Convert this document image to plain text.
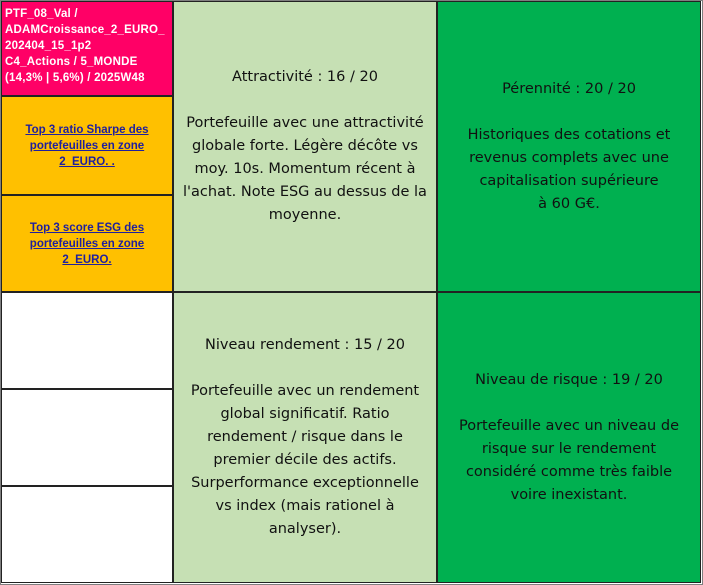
PTF_08_Val /
ADAMCroissance_2_EURO_
202404_15_1p2
C4_Actions / 5_MONDE
(14,3% | 5,6%) / 2025W48
Top 3 ratio Sharpe des portefeuilles en zone 2_EURO. .
Top 3 score ESG des portefeuilles en zone 2_EURO.
Attractivité : 16 / 20
Portefeuille avec une attractivité
globale forte. Légère décôte vs
moy. 10s. Momentum récent à
l'achat. Note ESG au dessus de la
moyenne.
Niveau rendement : 15 / 20
Portefeuille avec un rendement
global significatif. Ratio
rendement / risque dans le
premier décile des actifs.
Surperformance exceptionnelle
vs index (mais rationel à
analyser).
Pérennité : 20 / 20
Historiques des cotations et
revenus complets avec une
capitalisation supérieure
à 60 G€.
Niveau de risque : 19 / 20
Portefeuille avec un niveau de
risque sur le rendement
considéré comme très faible
voire inexistant.
